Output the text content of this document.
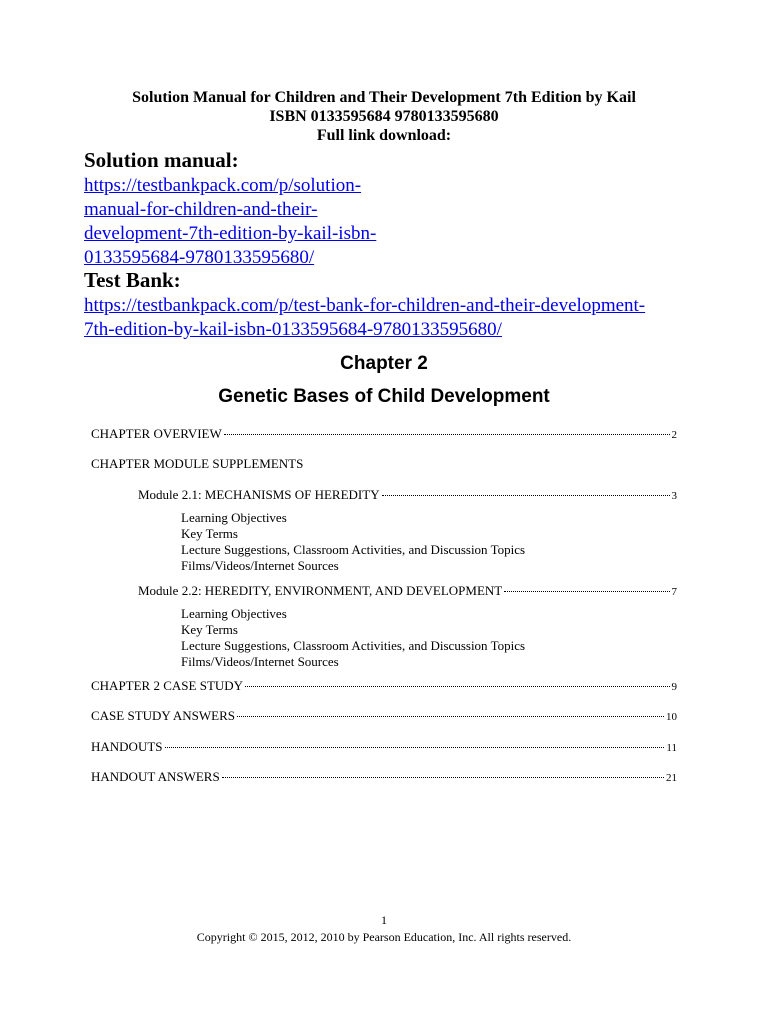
Solution Manual for Children and Their Development 7th Edition by Kail
ISBN 0133595684 9780133595680
Full link download:
Solution manual:
https://testbankpack.com/p/solution-
manual-for-children-and-their-
development-7th-edition-by-kail-isbn-
0133595684-9780133595680/
Test Bank:
https://testbankpack.com/p/test-bank-for-children-and-their-development-
7th-edition-by-kail-isbn-0133595684-9780133595680/
Chapter 2
Genetic Bases of Child Development
CHAPTER OVERVIEW	2
CHAPTER MODULE SUPPLEMENTS
Module 2.1: MECHANISMS OF HEREDITY	3
Learning Objectives
Key Terms
Lecture Suggestions, Classroom Activities, and Discussion Topics
Films/Videos/Internet Sources
Module 2.2: HEREDITY, ENVIRONMENT, AND DEVELOPMENT	7
Learning Objectives
Key Terms
Lecture Suggestions, Classroom Activities, and Discussion Topics
Films/Videos/Internet Sources
CHAPTER 2 CASE STUDY	9
CASE STUDY ANSWERS	10
HANDOUTS	11
HANDOUT ANSWERS	21
1
Copyright © 2015, 2012, 2010 by Pearson Education, Inc. All rights reserved.
